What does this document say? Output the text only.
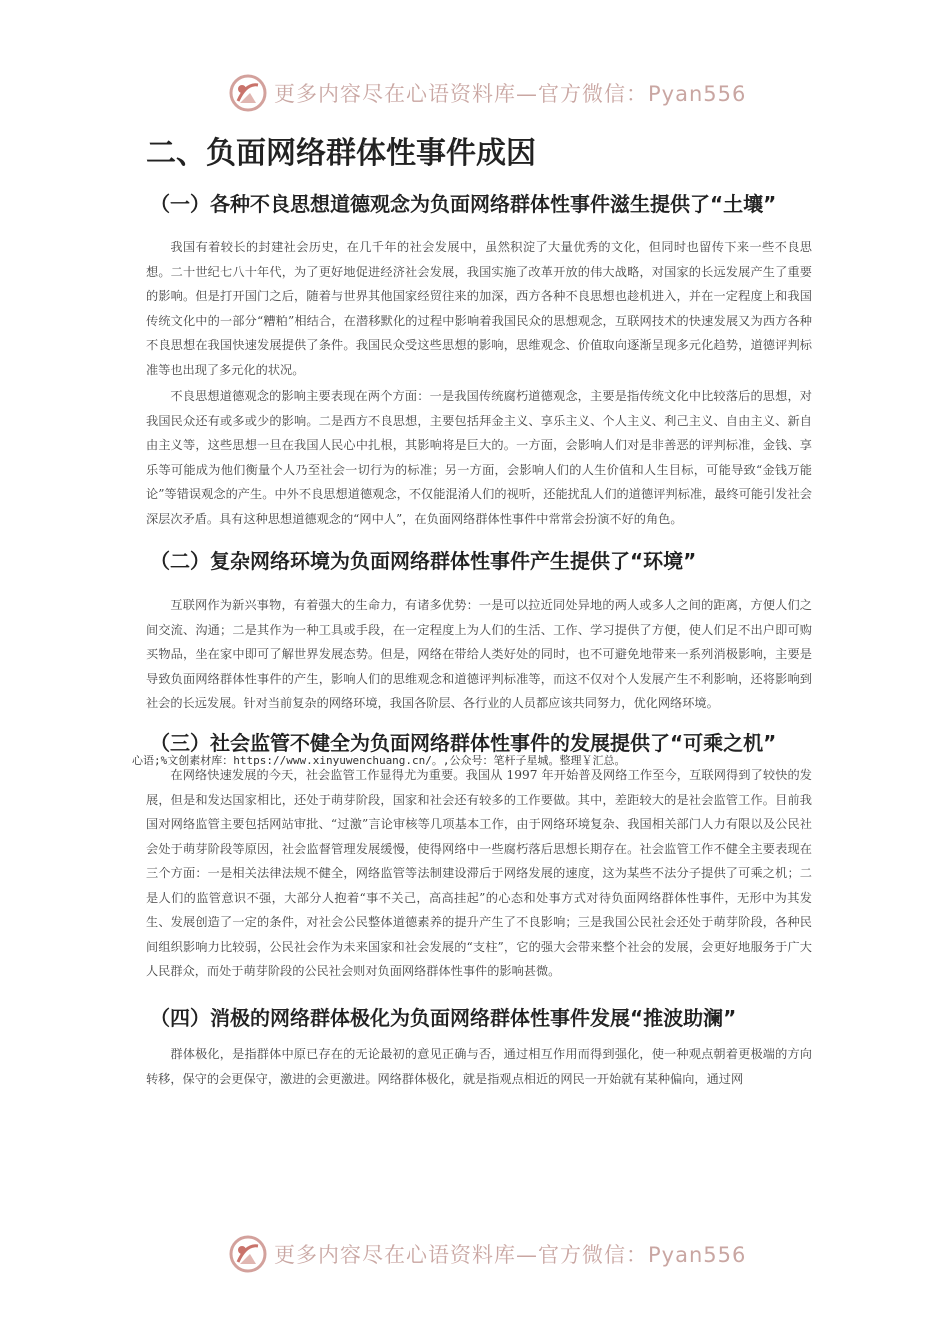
更多内容尽在心语资料库—官方微信：Pyan556
二、负面网络群体性事件成因
（一）各种不良思想道德观念为负面网络群体性事件滋生提供了“土壤”

我国有着较长的封建社会历史，在几千年的社会发展中，虽然积淀了大量优秀的文化，但同时也留传下来一些不良思想。二十世纪七八十年代，为了更好地促进经济社会发展，我国实施了改革开放的伟大战略，对国家的长远发展产生了重要的影响。但是打开国门之后，随着与世界其他国家经贸往来的加深，西方各种不良思想也趁机进入，并在一定程度上和我国传统文化中的一部分“糟粕”相结合，在潜移默化的过程中影响着我国民众的思想观念，互联网技术的快速发展又为西方各种不良思想在我国快速发展提供了条件。我国民众受这些思想的影响，思维观念、价值取向逐渐呈现多元化趋势，道德评判标准等也出现了多元化的状况。

不良思想道德观念的影响主要表现在两个方面：一是我国传统腐朽道德观念，主要是指传统文化中比较落后的思想，对我国民众还有或多或少的影响。二是西方不良思想，主要包括拜金主义、享乐主义、个人主义、利己主义、自由主义、新自由主义等，这些思想一旦在我国人民心中扎根，其影响将是巨大的。一方面，会影响人们对是非善恶的评判标准，金钱、享乐等可能成为他们衡量个人乃至社会一切行为的标准；另一方面，会影响人们的人生价值和人生目标，可能导致“金钱万能论”等错误观念的产生。中外不良思想道德观念，不仅能混淆人们的视听，还能扰乱人们的道德评判标准，最终可能引发社会深层次矛盾。具有这种思想道德观念的“网中人”，在负面网络群体性事件中常常会扮演不好的角色。

（二）复杂网络环境为负面网络群体性事件产生提供了“环境”

互联网作为新兴事物，有着强大的生命力，有诸多优势：一是可以拉近同处异地的两人或多人之间的距离，方便人们之间交流、沟通；二是其作为一种工具或手段，在一定程度上为人们的生活、工作、学习提供了方便，使人们足不出户即可购买物品，坐在家中即可了解世界发展态势。但是，网络在带给人类好处的同时，也不可避免地带来一系列消极影响，主要是导致负面网络群体性事件的产生，影响人们的思维观念和道德评判标准等，而这不仅对个人发展产生不利影响，还将影响到社会的长远发展。针对当前复杂的网络环境，我国各阶层、各行业的人员都应该共同努力，优化网络环境。

（三）社会监管不健全为负面网络群体性事件的发展提供了“可乘之机”
心语;%文创素材库：https://www.xinyuwenchuang.cn/。,公众号：笔杆子星城。整理￥汇总。

在网络快速发展的今天，社会监管工作显得尤为重要。我国从 1997 年开始普及网络工作至今，互联网得到了较快的发展，但是和发达国家相比，还处于萌芽阶段，国家和社会还有较多的工作要做。其中，差距较大的是社会监管工作。目前我国对网络监管主要包括网站审批、“过激”言论审核等几项基本工作，由于网络环境复杂、我国相关部门人力有限以及公民社会处于萌芽阶段等原因，社会监督管理发展缓慢，使得网络中一些腐朽落后思想长期存在。社会监管工作不健全主要表现在三个方面：一是相关法律法规不健全，网络监管等法制建设滞后于网络发展的速度，这为某些不法分子提供了可乘之机；二是人们的监管意识不强，大部分人抱着“事不关己，高高挂起”的心态和处事方式对待负面网络群体性事件，无形中为其发生、发展创造了一定的条件，对社会公民整体道德素养的提升产生了不良影响；三是我国公民社会还处于萌芽阶段，各种民间组织影响力比较弱，公民社会作为未来国家和社会发展的“支柱”，它的强大会带来整个社会的发展，会更好地服务于广大人民群众，而处于萌芽阶段的公民社会则对负面网络群体性事件的影响甚微。

（四）消极的网络群体极化为负面网络群体性事件发展“推波助澜”

群体极化，是指群体中原已存在的无论最初的意见正确与否，通过相互作用而得到强化，使一种观点朝着更极端的方向转移，保守的会更保守，激进的会更激进。网络群体极化，就是指观点相近的网民一开始就有某种偏向，通过网

更多内容尽在心语资料库—官方微信：Pyan556
